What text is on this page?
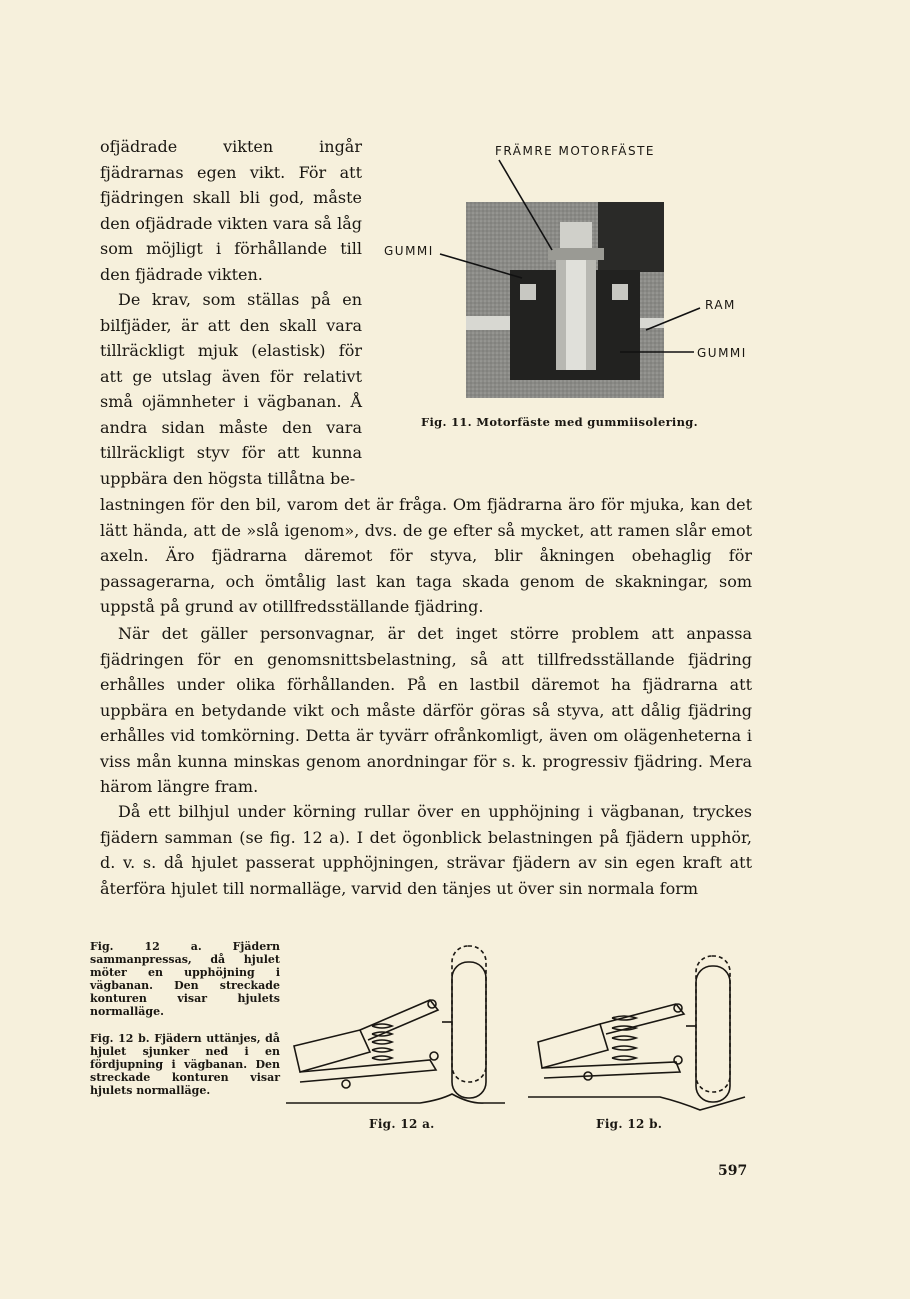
ofjädrade vikten ingår fjädrarnas egen vikt. För att fjädringen skall bli god, måste den ofjädrade vikten vara så låg som möjligt i förhållande till den fjädrade vikten.

De krav, som ställas på en bilfjäder, är att den skall vara tillräckligt mjuk (elastisk) för att ge utslag även för relativt små ojämnheter i vägbanan. Å andra sidan måste den vara tillräckligt styv för att kunna uppbära den högsta tillåtna be-

FRÄMRE MOTORFÄSTE
GUMMI
RAM
GUMMI
Fig. 11. Motorfäste med gummiisolering.

lastningen för den bil, varom det är fråga. Om fjädrarna äro för mjuka, kan det lätt hända, att de »slå igenom», dvs. de ge efter så mycket, att ramen slår emot axeln. Äro fjädrarna däremot för styva, blir åkningen obehaglig för passagerarna, och ömtålig last kan taga skada genom de skakningar, som uppstå på grund av otillfredsställande fjädring.

När det gäller personvagnar, är det inget större problem att anpassa fjädringen för en genomsnittsbelastning, så att tillfredsställande fjädring erhålles under olika förhållanden. På en lastbil däremot ha fjädrarna att uppbära en betydande vikt och måste därför göras så styva, att dålig fjädring erhålles vid tomkörning. Detta är tyvärr ofrånkomligt, även om olägenheterna i viss mån kunna minskas genom anordningar för s. k. progressiv fjädring. Mera härom längre fram.

Då ett bilhjul under körning rullar över en upphöjning i vägbanan, tryckes fjädern samman (se fig. 12 a). I det ögonblick belastningen på fjädern upphör, d. v. s. då hjulet passerat upphöjningen, strävar fjädern av sin egen kraft att återföra hjulet till normalläge, varvid den tänjes ut över sin normala form

Fig. 12 a. Fjädern sammanpressas, då hjulet möter en upphöjning i vägbanan. Den streckade konturen visar hjulets normalläge.

Fig. 12 b. Fjädern uttänjes, då hjulet sjunker ned i en fördjupning i vägbanan. Den streckade konturen visar hjulets normalläge.

Fig. 12 a.	Fig. 12 b.
597
